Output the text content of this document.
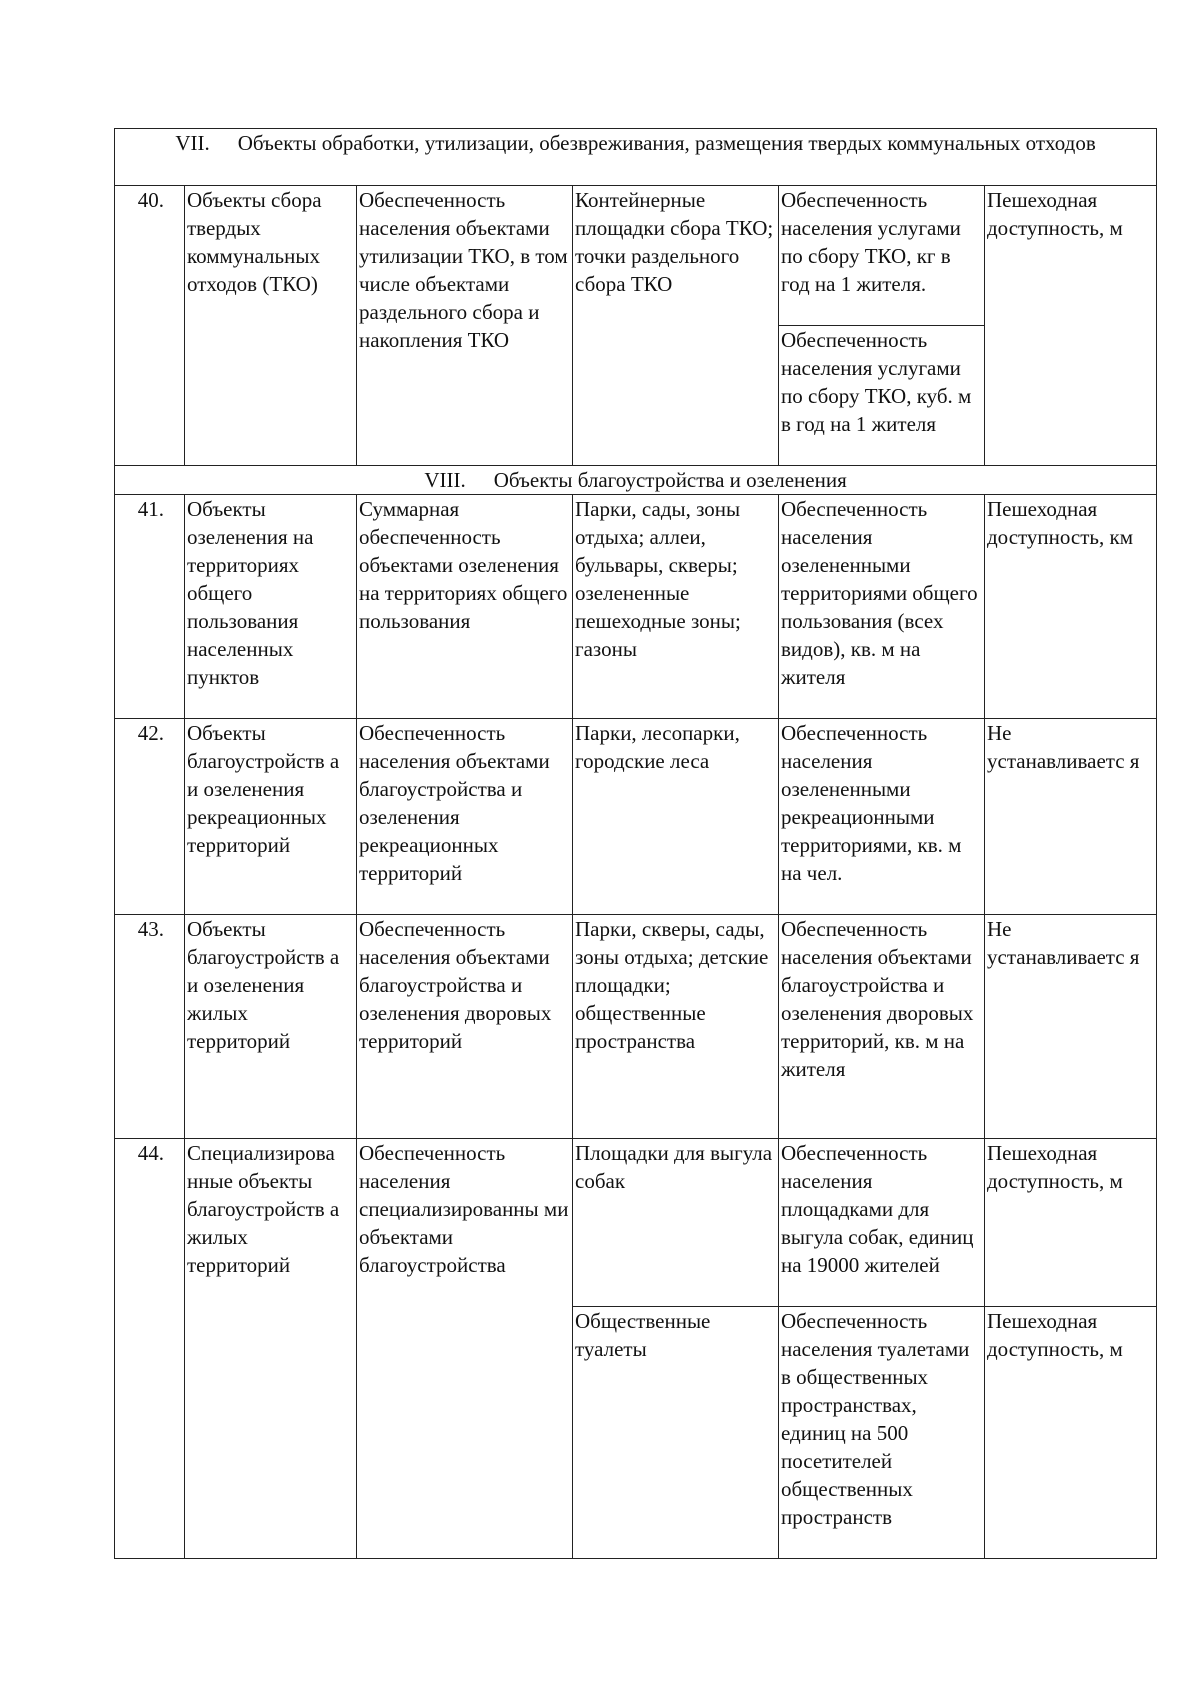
VII. Объекты обработки, утилизации, обезвреживания, размещения твердых коммунальных отходов					
40.	Объекты сбора твердых коммунальных отходов (ТКО)	Обеспеченность населения объектами утилизации ТКО, в том числе объектами раздельного сбора и накопления ТКО	Контейнерные площадки сбора ТКО; точки раздельного сбора ТКО	Обеспеченность населения услугами по сбору ТКО, кг в год на 1 жителя.	Пешеходная доступность, м
				Обеспеченность населения услугами по сбору ТКО, куб. м в год на 1 жителя	
VIII. Объекты благоустройства и озеленения					
41.	Объекты озеленения на территориях общего пользования населенных пунктов	Суммарная обеспеченность объектами озеленения на территориях общего пользования	Парки, сады, зоны отдыха; аллеи, бульвары, скверы; озелененные пешеходные зоны; газоны	Обеспеченность населения озелененными территориями общего пользования (всех видов), кв. м на жителя	Пешеходная доступность, км
42.	Объекты благоустройств а и озеленения рекреационных территорий	Обеспеченность населения объектами благоустройства и озеленения рекреационных территорий	Парки, лесопарки, городские леса	Обеспеченность населения озелененными рекреационными территориями, кв. м на чел.	Не устанавливаетс я
43.	Объекты благоустройств а и озеленения жилых территорий	Обеспеченность населения объектами благоустройства и озеленения дворовых территорий	Парки, скверы, сады, зоны отдыха; детские площадки; общественные пространства	Обеспеченность населения объектами благоустройства и озеленения дворовых территорий, кв. м на жителя	Не устанавливаетс я
44.	Специализирова нные объекты благоустройств а жилых территорий	Обеспеченность населения специализированны ми объектами благоустройства	Площадки для выгула собак	Обеспеченность населения площадками для выгула собак, единиц на 19000 жителей	Пешеходная доступность, м
			Общественные туалеты	Обеспеченность населения туалетами в общественных пространствах, единиц на 500 посетителей общественных пространств	Пешеходная доступность, м
